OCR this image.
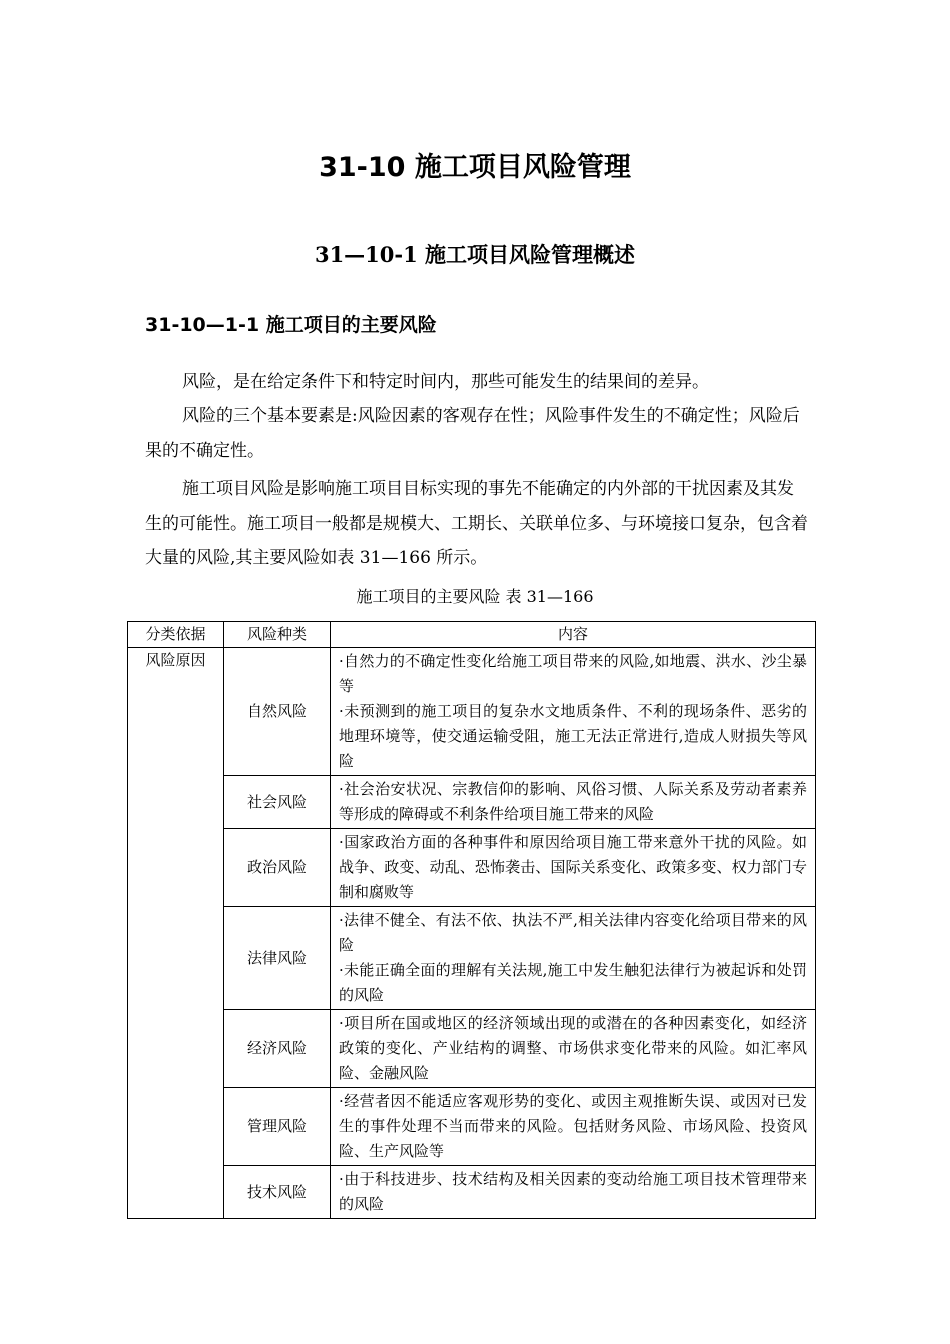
31-10 施工项目风险管理
31—10-1 施工项目风险管理概述
31-10—1-1 施工项目的主要风险

风险，是在给定条件下和特定时间内，那些可能发生的结果间的差异。

风险的三个基本要素是:风险因素的客观存在性；风险事件发生的不确定性；风险后果的不确定性。

施工项目风险是影响施工项目目标实现的事先不能确定的内外部的干扰因素及其发生的可能性。施工项目一般都是规模大、工期长、关联单位多、与环境接口复杂，包含着大量的风险,其主要风险如表 31—166 所示。

施工项目的主要风险 表 31—166
分类依据	风险种类	内容
风险原因	自然风险	·自然力的不确定性变化给施工项目带来的风险,如地震、洪水、沙尘暴等
·未预测到的施工项目的复杂水文地质条件、不利的现场条件、恶劣的地理环境等，使交通运输受阻，施工无法正常进行,造成人财损失等风险

	社会风险	·社会治安状况、宗教信仰的影响、风俗习惯、人际关系及劳动者素养等形成的障碍或不利条件给项目施工带来的风险

	政治风险	·国家政治方面的各种事件和原因给项目施工带来意外干扰的风险。如战争、政变、动乱、恐怖袭击、国际关系变化、政策多变、权力部门专制和腐败等

	法律风险	·法律不健全、有法不依、执法不严,相关法律内容变化给项目带来的风险
·未能正确全面的理解有关法规,施工中发生触犯法律行为被起诉和处罚的风险

	经济风险	·项目所在国或地区的经济领域出现的或潜在的各种因素变化，如经济政策的变化、产业结构的调整、市场供求变化带来的风险。如汇率风险、金融风险

	管理风险	·经营者因不能适应客观形势的变化、或因主观推断失误、或因对已发生的事件处理不当而带来的风险。包括财务风险、市场风险、投资风险、生产风险等

	技术风险	·由于科技进步、技术结构及相关因素的变动给施工项目技术管理带来的风险
